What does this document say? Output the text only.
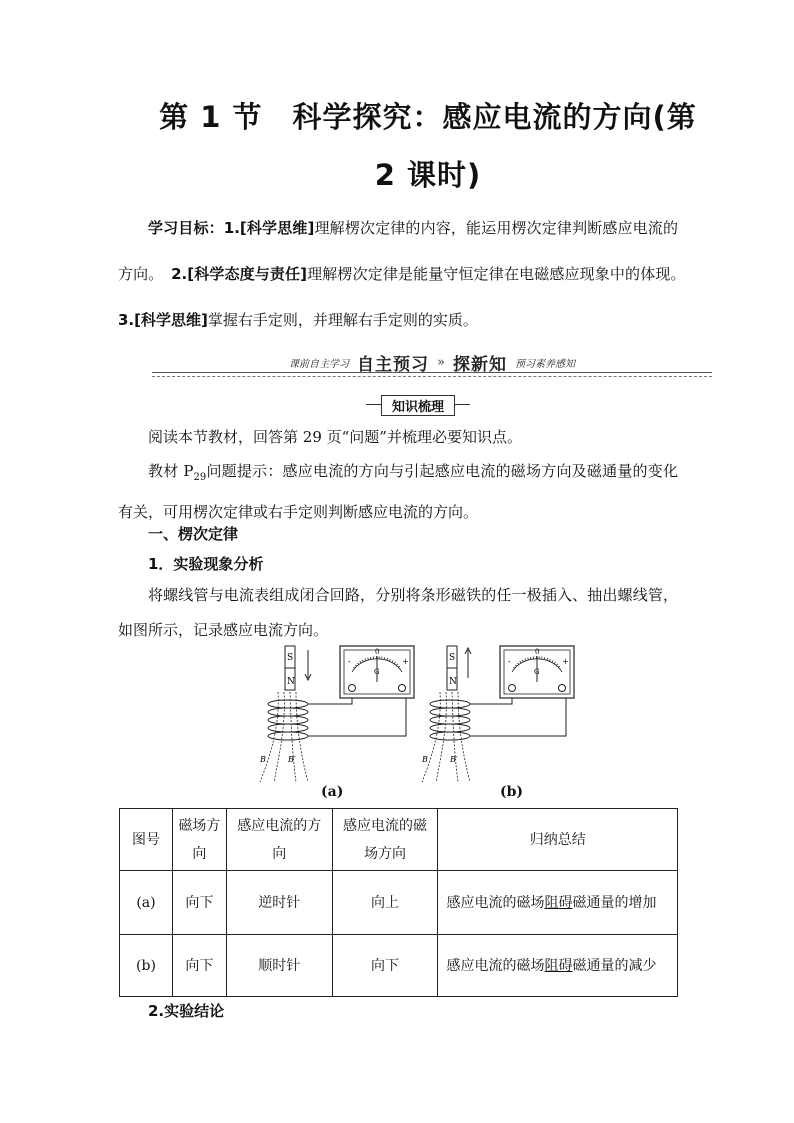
第 1 节　科学探究：感应电流的方向(第
2 课时)

学习目标：1.[科学思维]理解楞次定律的内容，能运用楞次定律判断感应电流的方向。　2.[科学态度与责任]理解楞次定律是能量守恒定律在电磁感应现象中的体现。　3.[科学思维]掌握右手定则，并理解右手定则的实质。

课前自主学习 自主预习 » 探新知 预习素养感知
知识梳理

阅读本节教材，回答第 29 页“问题”并梳理必要知识点。

教材 $P_{29}$问题提示：感应电流的方向与引起感应电流的磁场方向及磁通量的变化有关，可用楞次定律或右手定则判断感应电流的方向。

一、楞次定律

1．实验现象分析

将螺线管与电流表组成闭合回路，分别将条形磁铁的任一极插入、抽出螺线管，如图所示，记录感应电流方向。

S
N
B	B′
0
-	+
G
S
N
B	B′
0
-	+
G
(a)	(b)
图号	磁场方向	感应电流的方向	感应电流的磁场方向	归纳总结
(a)	向下	逆时针	向上	感应电流的磁场阻碍磁通量的增加
(b)	向下	顺时针	向下	感应电流的磁场阻碍磁通量的减少

2.实验结论
